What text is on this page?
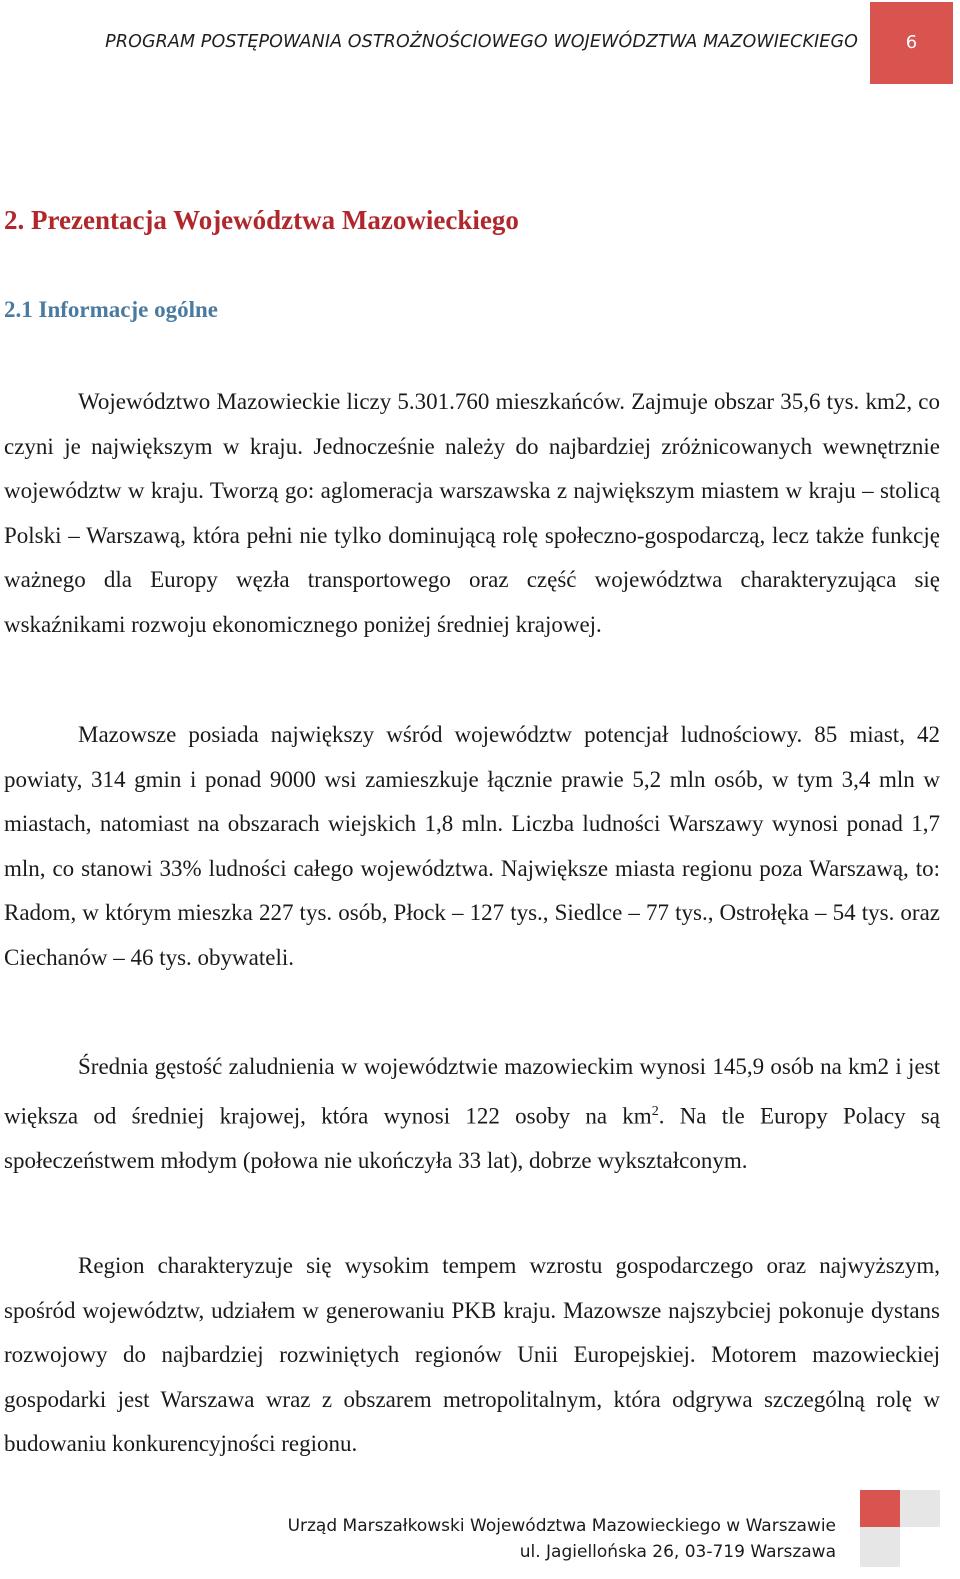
PROGRAM POSTĘPOWANIA OSTROŻNOŚCIOWEGO WOJEWÓDZTWA MAZOWIECKIEGO	6
2. Prezentacja Województwa Mazowieckiego
2.1 Informacje ogólne

Województwo Mazowieckie liczy 5.301.760 mieszkańców. Zajmuje obszar 35,6 tys. km2, co czyni je największym w kraju. Jednocześnie należy do najbardziej zróżnicowanych wewnętrznie województw w kraju. Tworzą go: aglomeracja warszawska z największym miastem w kraju – stolicą Polski – Warszawą, która pełni nie tylko dominującą rolę społeczno-gospodarczą, lecz także funkcję ważnego dla Europy węzła transportowego oraz część województwa charakteryzująca się wskaźnikami rozwoju ekonomicznego poniżej średniej krajowej.

Mazowsze posiada największy wśród województw potencjał ludnościowy. 85 miast, 42 powiaty, 314 gmin i ponad 9000 wsi zamieszkuje łącznie prawie 5,2 mln osób, w tym 3,4 mln w miastach, natomiast na obszarach wiejskich 1,8 mln. Liczba ludności Warszawy wynosi ponad 1,7 mln, co stanowi 33% ludności całego województwa. Największe miasta regionu poza Warszawą, to: Radom, w którym mieszka 227 tys. osób, Płock – 127 tys., Siedlce – 77 tys., Ostrołęka – 54 tys. oraz Ciechanów – 46 tys. obywateli.

Średnia gęstość zaludnienia w województwie mazowieckim wynosi 145,9 osób na km2 i jest większa od średniej krajowej, która wynosi 122 osoby na $km^2$. Na tle Europy Polacy są społeczeństwem młodym (połowa nie ukończyła 33 lat), dobrze wykształconym.

Region charakteryzuje się wysokim tempem wzrostu gospodarczego oraz najwyższym, spośród województw, udziałem w generowaniu PKB kraju. Mazowsze najszybciej pokonuje dystans rozwojowy do najbardziej rozwiniętych regionów Unii Europejskiej. Motorem mazowieckiej gospodarki jest Warszawa wraz z obszarem metropolitalnym, która odgrywa szczególną rolę w budowaniu konkurencyjności regionu.

Urząd Marszałkowski Województwa Mazowieckiego w Warszawie
ul. Jagiellońska 26, 03-719 Warszawa
